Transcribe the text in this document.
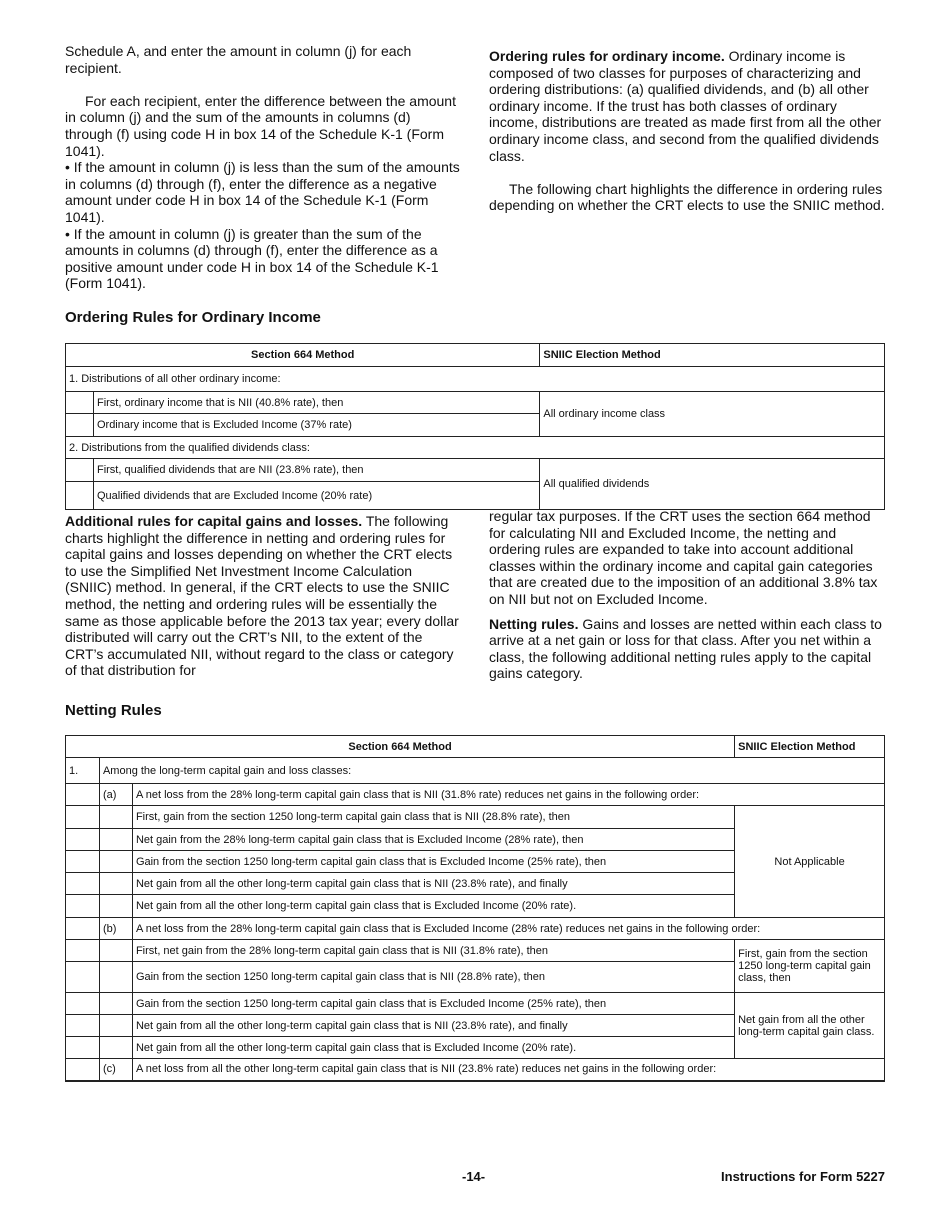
Schedule A, and enter the amount in column (j) for each recipient.

For each recipient, enter the difference between the amount in column (j) and the sum of the amounts in columns (d) through (f) using code H in box 14 of the Schedule K-1 (Form 1041).

• If the amount in column (j) is less than the sum of the amounts in columns (d) through (f), enter the difference as a negative amount under code H in box 14 of the Schedule K-1 (Form 1041).

• If the amount in column (j) is greater than the sum of the amounts in columns (d) through (f), enter the difference as a positive amount under code H in box 14 of the Schedule K-1 (Form 1041).

Ordering rules for ordinary income. Ordinary income is composed of two classes for purposes of characterizing and ordering distributions: (a) qualified dividends, and (b) all other ordinary income. If the trust has both classes of ordinary income, distributions are treated as made first from all the other ordinary income class, and second from the qualified dividends class.

The following chart highlights the difference in ordering rules depending on whether the CRT elects to use the SNIIC method.

Ordering Rules for Ordinary Income
Section 664 Method		SNIIC Election Method
1. Distributions of all other ordinary income:		
	First, ordinary income that is NII (40.8% rate), then	All ordinary income class
	Ordinary income that is Excluded Income (37% rate)	
2. Distributions from the qualified dividends class:		
	First, qualified dividends that are NII (23.8% rate), then	All qualified dividends
	Qualified dividends that are Excluded Income (20% rate)	

Additional rules for capital gains and losses. The following charts highlight the difference in netting and ordering rules for capital gains and losses depending on whether the CRT elects to use the Simplified Net Investment Income Calculation (SNIIC) method. In general, if the CRT elects to use the SNIIC method, the netting and ordering rules will be essentially the same as those applicable before the 2013 tax year; every dollar distributed will carry out the CRT’s NII, to the extent of the CRT’s accumulated NII, without regard to the class or category of that distribution for

regular tax purposes. If the CRT uses the section 664 method for calculating NII and Excluded Income, the netting and ordering rules are expanded to take into account additional classes within the ordinary income and capital gain categories that are created due to the imposition of an additional 3.8% tax on NII but not on Excluded Income.

Netting rules. Gains and losses are netted within each class to arrive at a net gain or loss for that class. After you net within a class, the following additional netting rules apply to the capital gains category.

Netting Rules
Section 664 Method			SNIIC Election Method
1.	Among the long-term capital gain and loss classes:		
	(a)	A net loss from the 28% long-term capital gain class that is NII (31.8% rate) reduces net gains in the following order:	
		First, gain from the section 1250 long-term capital gain class that is NII (28.8% rate), then	Not Applicable
		Net gain from the 28% long-term capital gain class that is Excluded Income (28% rate), then	
		Gain from the section 1250 long-term capital gain class that is Excluded Income (25% rate), then	
		Net gain from all the other long-term capital gain class that is NII (23.8% rate), and finally	
		Net gain from all the other long-term capital gain class that is Excluded Income (20% rate).	
	(b)	A net loss from the 28% long-term capital gain class that is Excluded Income (28% rate) reduces net gains in the following order:	
		First, net gain from the 28% long-term capital gain class that is NII (31.8% rate), then	First, gain from the section 1250 long-term capital gain class, then
		Gain from the section 1250 long-term capital gain class that is NII (28.8% rate), then	
		Gain from the section 1250 long-term capital gain class that is Excluded Income (25% rate), then	Net gain from all the other long-term capital gain class.
		Net gain from all the other long-term capital gain class that is NII (23.8% rate), and finally	
		Net gain from all the other long-term capital gain class that is Excluded Income (20% rate).	
	(c)	A net loss from all the other long-term capital gain class that is NII (23.8% rate) reduces net gains in the following order:	
-14-	Instructions for Form 5227
